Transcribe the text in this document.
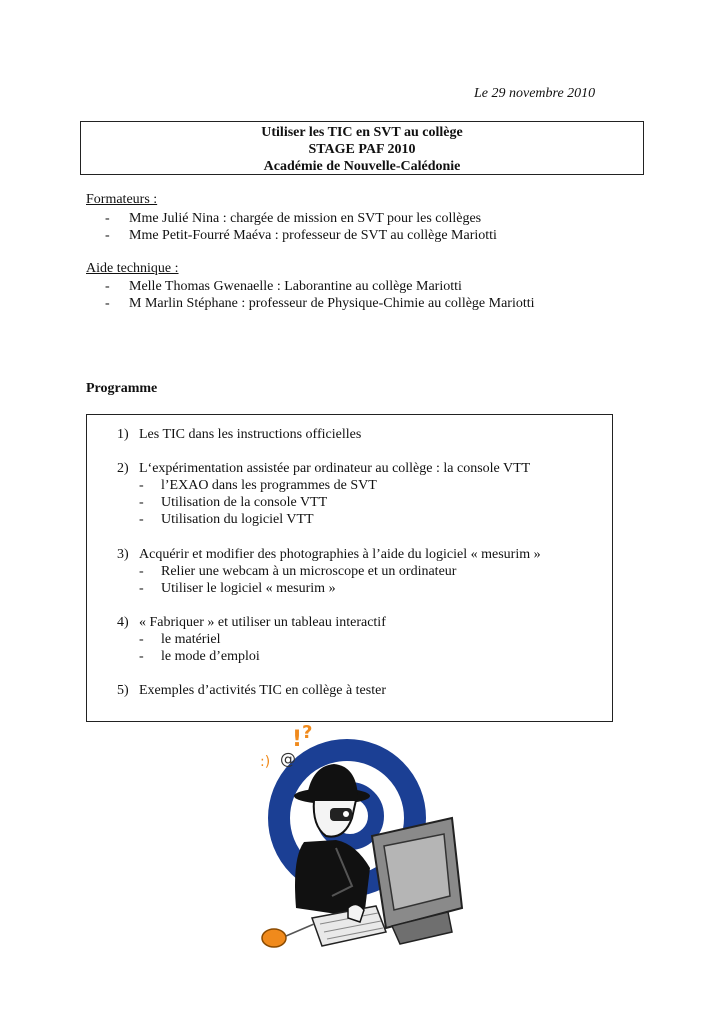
Le 29 novembre 2010
Utiliser les TIC en SVT au collège
STAGE PAF 2010
Académie de Nouvelle-Calédonie
Formateurs :
- Mme Julié Nina : chargée de mission en SVT pour les collèges
- Mme Petit-Fourré Maéva : professeur de SVT au collège Mariotti
Aide technique :
- Melle Thomas Gwenaelle : Laborantine au collège Mariotti
- M Marlin Stéphane : professeur de Physique-Chimie au collège Mariotti
Programme
1) Les TIC dans les instructions officielles
2) L‘expérimentation assistée par ordinateur au collège : la console VTT
- l’EXAO dans les programmes de SVT
- Utilisation de la console VTT
- Utilisation du logiciel VTT
3) Acquérir et modifier des photographies à l’aide du logiciel « mesurim »
- Relier une webcam à un microscope et un ordinateur
- Utiliser le logiciel « mesurim »
4) « Fabriquer » et utiliser un tableau interactif
- le matériel
- le mode d’emploi
5) Exemples d’activités TIC en collège à tester
:) @
! ?
